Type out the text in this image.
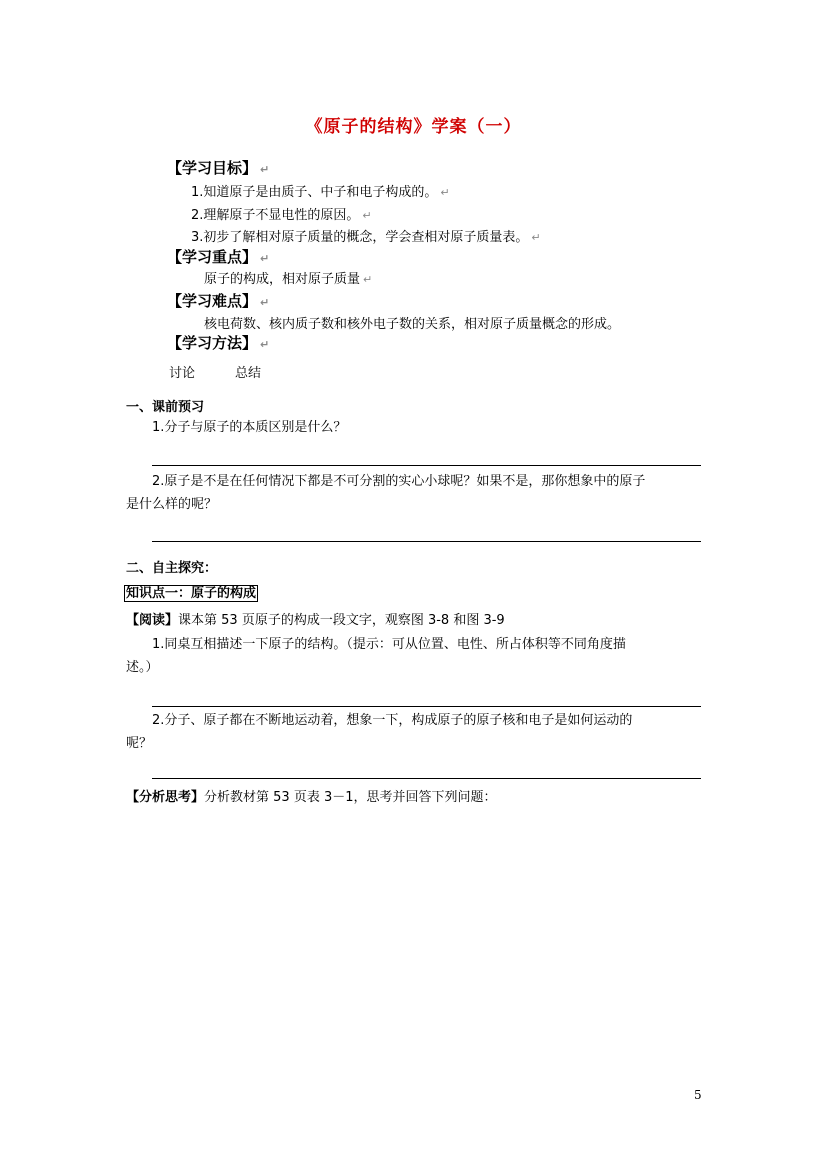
《原子的结构》学案（一）
【学习目标】 ↵
1.知道原子是由质子、中子和电子构成的。 ↵
2.理解原子不显电性的原因。 ↵
3.初步了解相对原子质量的概念，学会查相对原子质量表。 ↵
【学习重点】 ↵
原子的构成，相对原子质量 ↵
【学习难点】 ↵
核电荷数、核内质子数和核外电子数的关系，相对原子质量概念的形成。
【学习方法】 ↵
讨论	总结
一、课前预习
1.分子与原子的本质区别是什么？
2.原子是不是在任何情况下都是不可分割的实心小球呢？如果不是，那你想象中的原子
是什么样的呢？
二、自主探究：
知识点一：原子的构成
【阅读】课本第 53 页原子的构成一段文字，观察图 3-8 和图 3-9
1.同桌互相描述一下原子的结构。（提示：可从位置、电性、所占体积等不同角度描
述。）
2.分子、原子都在不断地运动着，想象一下，构成原子的原子核和电子是如何运动的
呢？
【分析思考】分析教材第 53 页表 3－1，思考并回答下列问题：
5
